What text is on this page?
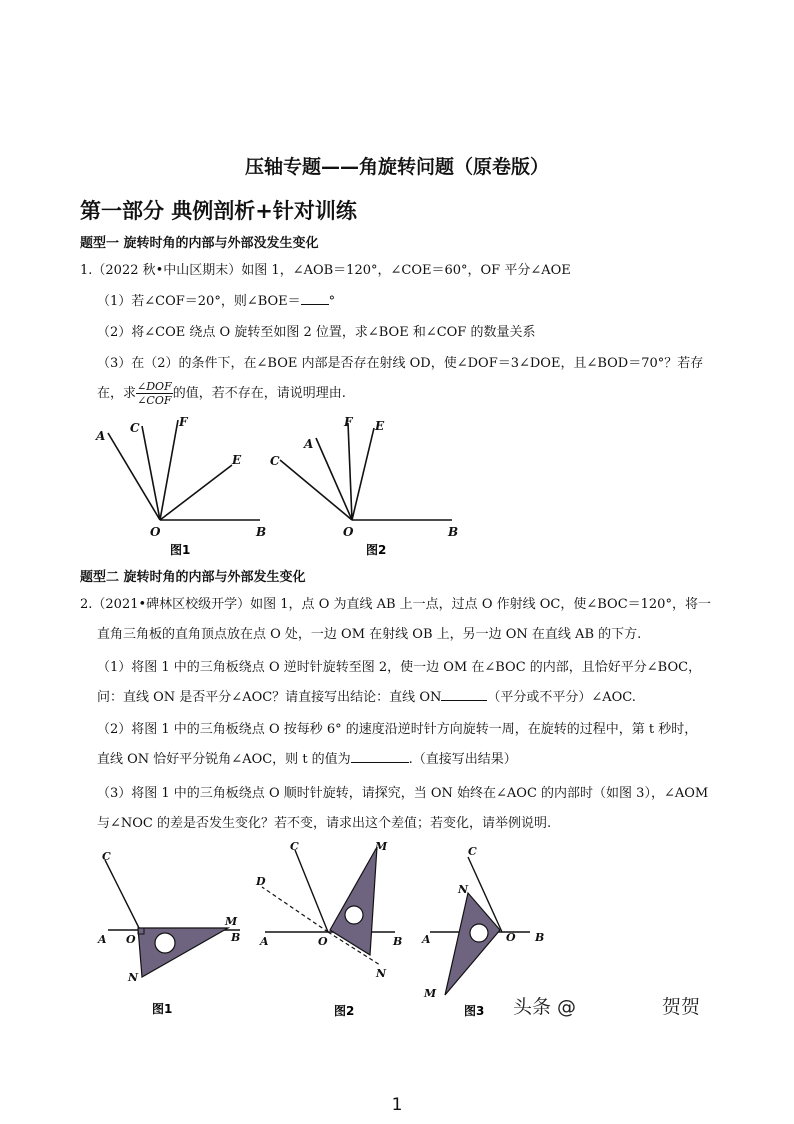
压轴专题——角旋转问题（原卷版）
第一部分 典例剖析+针对训练
题型一 旋转时角的内部与外部没发生变化
1.（2022 秋•中山区期末）如图 1，∠AOB＝120°，∠COE＝60°，OF 平分∠AOE
（1）若∠COF＝20°，则∠BOE＝ °
（2）将∠COE 绕点 O 旋转至如图 2 位置，求∠BOE 和∠COF 的数量关系
（3）在（2）的条件下，在∠BOE 内部是否存在射线 OD，使∠DOF＝3∠DOE，且∠BOD＝70°？若存
在，求 $\frac{\text{∠DOF}}{\text{∠COF}}$ 的值，若不存在，请说明理由.
A
C	F
E
O	B
C
A
F E
O	B
图1	图2
题型二 旋转时角的内部与外部发生变化
2.（2021•碑林区校级开学）如图 1，点 O 为直线 AB 上一点，过点 O 作射线 OC，使∠BOC＝120°，将一
直角三角板的直角顶点放在点 O 处，一边 OM 在射线 OB 上，另一边 ON 在直线 AB 的下方.
（1）将图 1 中的三角板绕点 O 逆时针旋转至图 2，使一边 OM 在∠BOC 的内部，且恰好平分∠BOC，
问：直线 ON 是否平分∠AOC？请直接写出结论：直线 ON	（平分或不平分）∠AOC.
（2）将图 1 中的三角板绕点 O 按每秒 6° 的速度沿逆时针方向旋转一周，在旋转的过程中，第 t 秒时，
直线 ON 恰好平分锐角∠AOC，则 t 的值为	.（直接写出结果）
（3）将图 1 中的三角板绕点 O 顺时针旋转，请探究，当 ON 始终在∠AOC 的内部时（如图 3），∠AOM
与∠NOC 的差是否发生变化？若不变，请求出这个差值；若变化，请举例说明.
C
A O
M
B
N
C
D
M
A	O	B
N
C
N
A	O B
M
图1	图2	图3 头条 @	贺贺
1
